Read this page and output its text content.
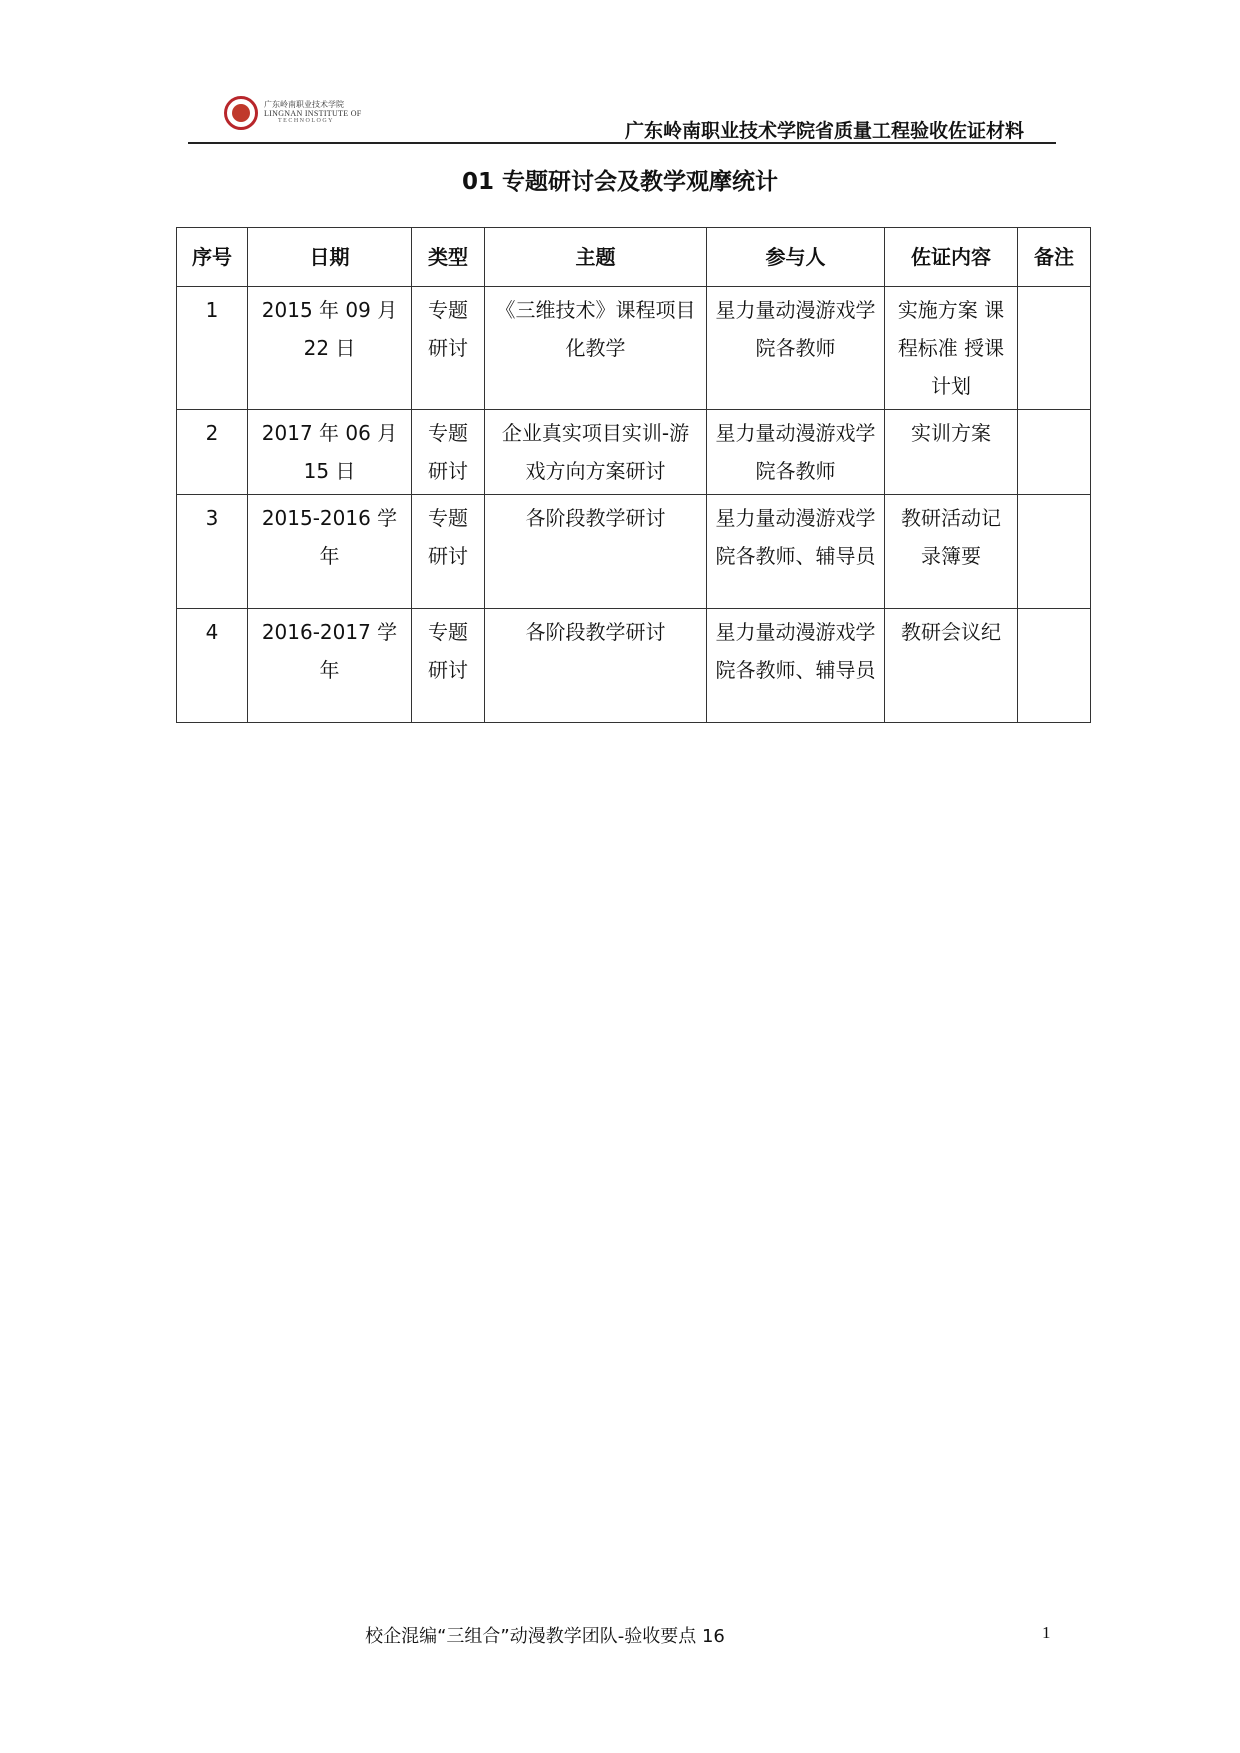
广东岭南职业技术学院
LINGNAN INSTITUTE OF
TECHNOLOGY	广东岭南职业技术学院省质量工程验收佐证材料
01 专题研讨会及教学观摩统计
序号	日期	类型	主题	参与人	佐证内容	备注
1	2015 年 09 月 22 日	专题研讨	《三维技术》课程项目化教学	星力量动漫游戏学院各教师	实施方案 课程标准 授课计划	
2	2017 年 06 月 15 日	专题研讨	企业真实项目实训-游戏方向方案研讨	星力量动漫游戏学院各教师	实训方案	
3	2015-2016 学年	专题研讨	各阶段教学研讨	星力量动漫游戏学院各教师、辅导员	教研活动记录簿要	
4	2016-2017 学年	专题研讨	各阶段教学研讨	星力量动漫游戏学院各教师、辅导员	教研会议纪	
校企混编“三组合”动漫教学团队-验收要点 16	1
